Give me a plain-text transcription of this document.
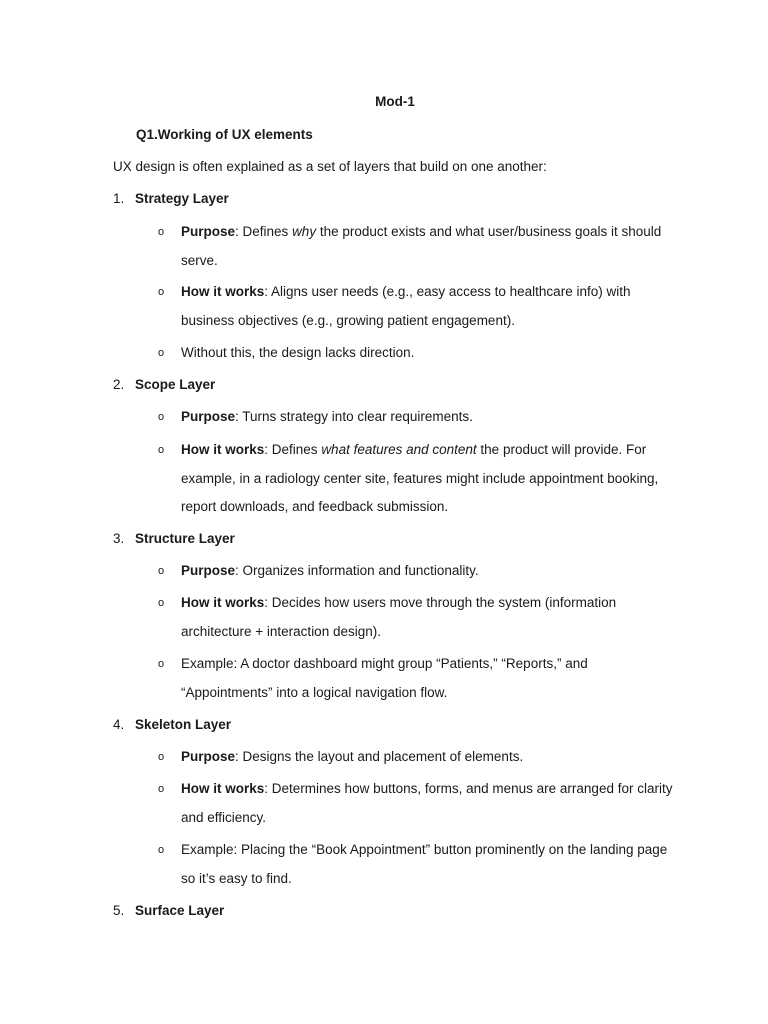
Mod-1
Q1.Working of UX elements
UX design is often explained as a set of layers that build on one another:
1. Strategy Layer
o Purpose: Defines why the product exists and what user/business goals it should serve.
o How it works: Aligns user needs (e.g., easy access to healthcare info) with business objectives (e.g., growing patient engagement).
o Without this, the design lacks direction.
2. Scope Layer
o Purpose: Turns strategy into clear requirements.
o How it works: Defines what features and content the product will provide. For example, in a radiology center site, features might include appointment booking, report downloads, and feedback submission.
3. Structure Layer
o Purpose: Organizes information and functionality.
o How it works: Decides how users move through the system (information architecture + interaction design).
o Example: A doctor dashboard might group “Patients,” “Reports,” and “Appointments” into a logical navigation flow.
4. Skeleton Layer
o Purpose: Designs the layout and placement of elements.
o How it works: Determines how buttons, forms, and menus are arranged for clarity and efficiency.
o Example: Placing the “Book Appointment” button prominently on the landing page so it’s easy to find.
5. Surface Layer
